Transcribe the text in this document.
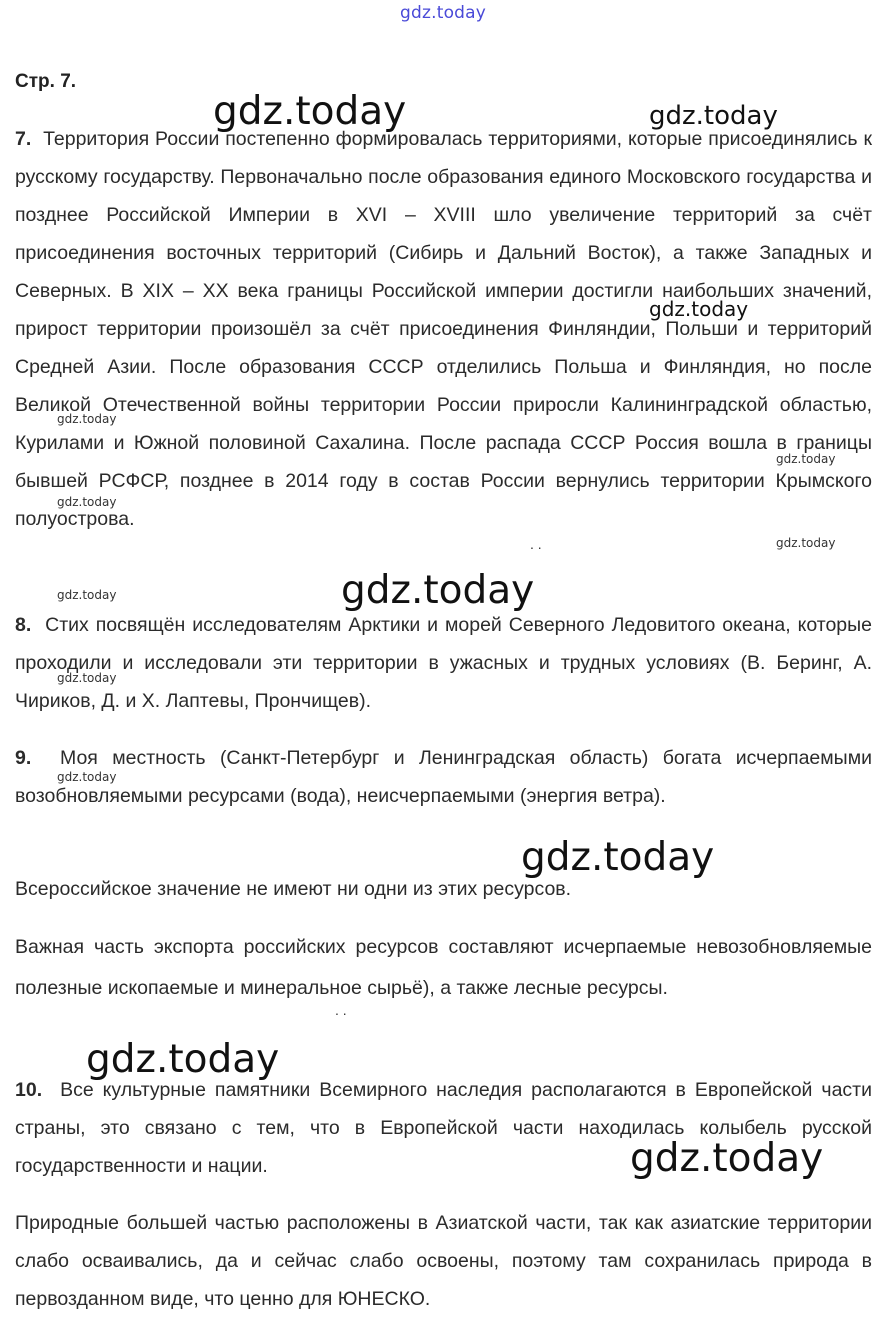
gdz.today
Стр. 7.

7. Территория России постепенно формировалась территориями, которые присоединялись к русскому государству. Первоначально после образования единого Московского государства и позднее Российской Империи в XVI – XVIII шло увеличение территорий за счёт присоединения восточных территорий (Сибирь и Дальний Восток), а также Западных и Северных. В XIX – XX века границы Российской империи достигли наибольших значений, прирост территории произошёл за счёт присоединения Финляндии, Польши и территорий Средней Азии. После образования СССР отделились Польша и Финляндия, но после Великой Отечественной войны территории России приросли Калининградской областью, Курилами и Южной половиной Сахалина. После распада СССР Россия вошла в границы бывшей РСФСР, позднее в 2014 году в состав России вернулись территории Крымского полуострова.

8. Стих посвящён исследователям Арктики и морей Северного Ледовитого океана, которые проходили и исследовали эти территории в ужасных и трудных условиях (В. Беринг, А. Чириков, Д. и Х. Лаптевы, Прончищев).

9. Моя местность (Санкт-Петербург и Ленинградская область) богата исчерпаемыми возобновляемыми ресурсами (вода), неисчерпаемыми (энергия ветра).

Всероссийское значение не имеют ни одни из этих ресурсов.

Важная часть экспорта российских ресурсов составляют исчерпаемые невозобновляемые полезные ископаемые и минеральное сырьё), а также лесные ресурсы.

10. Все культурные памятники Всемирного наследия располагаются в Европейской части страны, это связано с тем, что в Европейской части находилась колыбель русской государственности и нации.

Природные большей частью расположены в Азиатской части, так как азиатские территории слабо осваивались, да и сейчас слабо освоены, поэтому там сохранилась природа в первозданном виде, что ценно для ЮНЕСКО.

. .
. .
gdz.today	gdz.today
gdz.today
gdz.today
gdz.today
gdz.today
gdz.today
gdz.today
gdz.today
gdz.today
gdz.today
gdz.today
gdz.today
gdz.today
